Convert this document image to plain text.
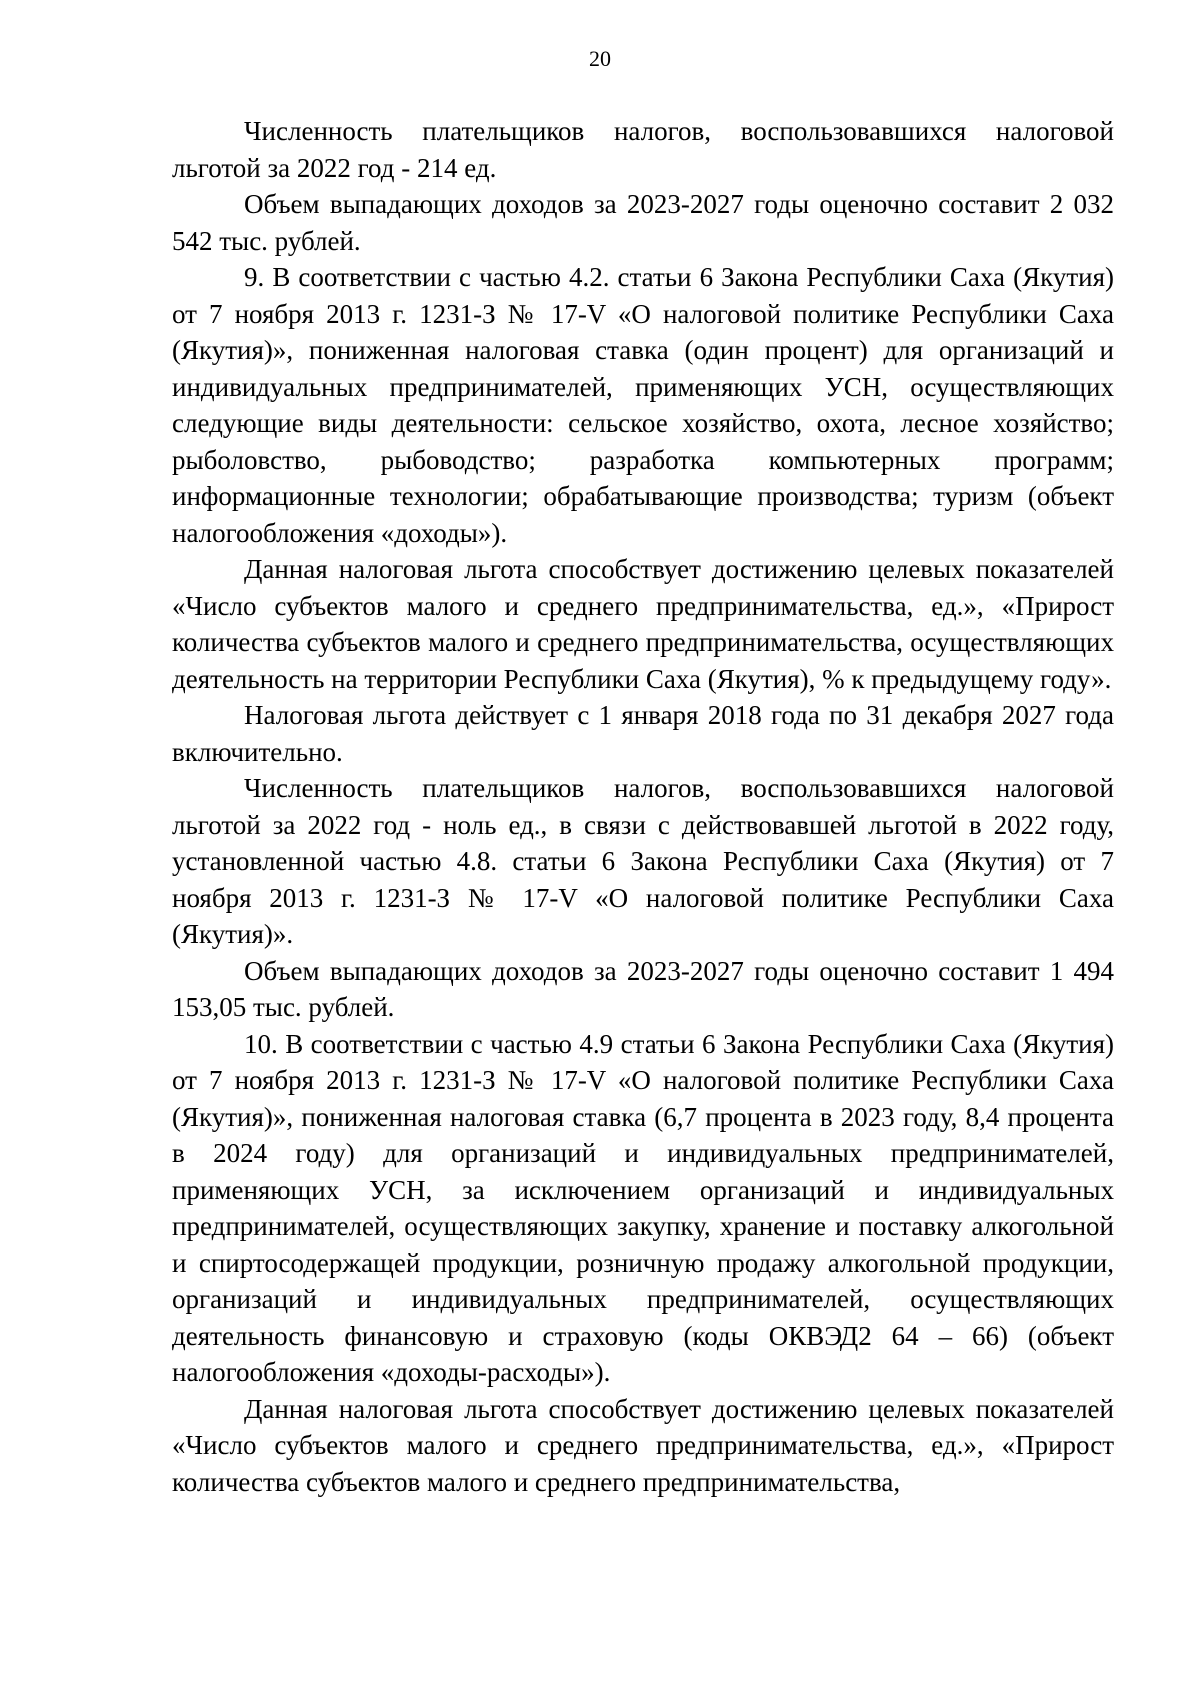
20

Численность плательщиков налогов, воспользовавшихся налоговой льготой за 2022 год - 214 ед.

Объем выпадающих доходов за 2023-2027 годы оценочно составит 2 032 542 тыс. рублей.

9. В соответствии с частью 4.2. статьи 6 Закона Республики Саха (Якутия) от 7 ноября 2013 г. 1231-З № 17-V «О налоговой политике Республики Саха (Якутия)», пониженная налоговая ставка (один процент) для организаций и индивидуальных предпринимателей, применяющих УСН, осуществляющих следующие виды деятельности: сельское хозяйство, охота, лесное хозяйство; рыболовство, рыбоводство; разработка компьютерных программ; информационные технологии; обрабатывающие производства; туризм (объект налогообложения «доходы»).

Данная налоговая льгота способствует достижению целевых показателей «Число субъектов малого и среднего предпринимательства, ед.», «Прирост количества субъектов малого и среднего предпринимательства, осуществляющих деятельность на территории Республики Саха (Якутия), % к предыдущему году».

Налоговая льгота действует с 1 января 2018 года по 31 декабря 2027 года включительно.

Численность плательщиков налогов, воспользовавшихся налоговой льготой за 2022 год - ноль ед., в связи с действовавшей льготой в 2022 году, установленной частью 4.8. статьи 6 Закона Республики Саха (Якутия) от 7 ноября 2013 г. 1231-З № 17-V «О налоговой политике Республики Саха (Якутия)».

Объем выпадающих доходов за 2023-2027 годы оценочно составит 1 494 153,05 тыс. рублей.

10. В соответствии с частью 4.9 статьи 6 Закона Республики Саха (Якутия) от 7 ноября 2013 г. 1231-З № 17-V «О налоговой политике Республики Саха (Якутия)», пониженная налоговая ставка (6,7 процента в 2023 году, 8,4 процента в 2024 году) для организаций и индивидуальных предпринимателей, применяющих УСН, за исключением организаций и индивидуальных предпринимателей, осуществляющих закупку, хранение и поставку алкогольной и спиртосодержащей продукции, розничную продажу алкогольной продукции, организаций и индивидуальных предпринимателей, осуществляющих деятельность финансовую и страховую (коды ОКВЭД2 64 – 66) (объект налогообложения «доходы-расходы»).

Данная налоговая льгота способствует достижению целевых показателей «Число субъектов малого и среднего предпринимательства, ед.», «Прирост количества субъектов малого и среднего предпринимательства,
